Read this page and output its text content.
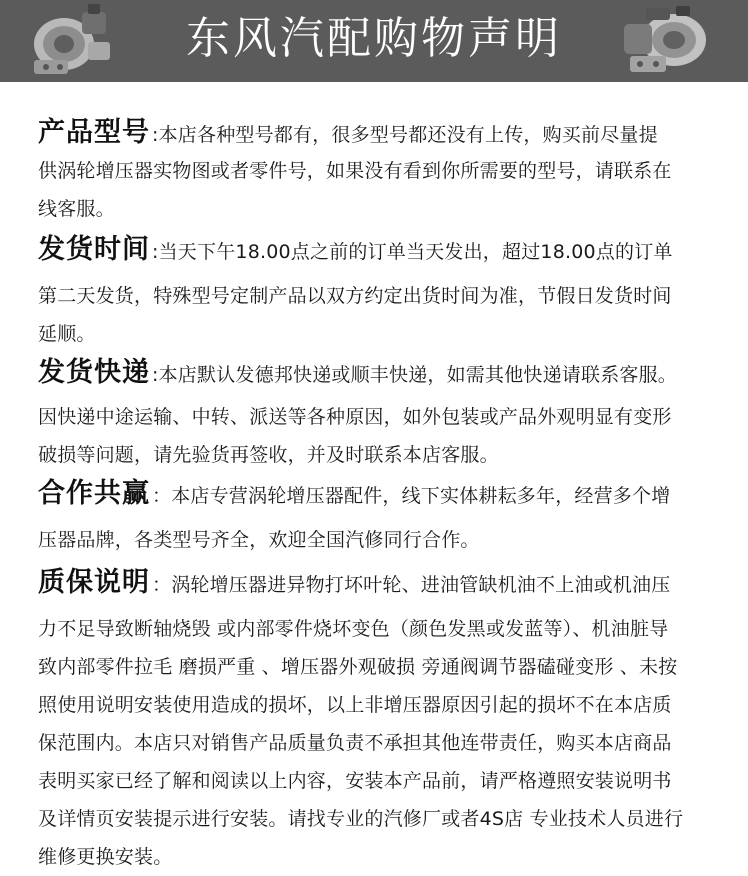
东风汽配购物声明
产品型号 :本店各种型号都有，很多型号都还没有上传，购买前尽量提
供涡轮增压器实物图或者零件号，如果没有看到你所需要的型号，请联系在
线客服。
发货时间 :当天下午18.00点之前的订单当天发出，超过18.00点的订单
第二天发货，特殊型号定制产品以双方约定出货时间为准，节假日发货时间
延顺。
发货快递 :本店默认发德邦快递或顺丰快递，如需其他快递请联系客服。
因快递中途运输、中转、派送等各种原因，如外包装或产品外观明显有变形
破损等问题，请先验货再签收，并及时联系本店客服。
合作共赢 ：本店专营涡轮增压器配件，线下实体耕耘多年，经营多个增
压器品牌，各类型号齐全，欢迎全国汽修同行合作。
质保说明 ：涡轮增压器进异物打坏叶轮、进油管缺机油不上油或机油压
力不足导致断轴烧毁 或内部零件烧坏变色（颜色发黑或发蓝等）、机油脏导
致内部零件拉毛 磨损严重 、增压器外观破损 旁通阀调节器磕碰变形 、未按
照使用说明安装使用造成的损坏，以上非增压器原因引起的损坏不在本店质
保范围内。本店只对销售产品质量负责不承担其他连带责任，购买本店商品
表明买家已经了解和阅读以上内容，安装本产品前，请严格遵照安装说明书
及详情页安装提示进行安装。请找专业的汽修厂或者4S店 专业技术人员进行
维修更换安装。
